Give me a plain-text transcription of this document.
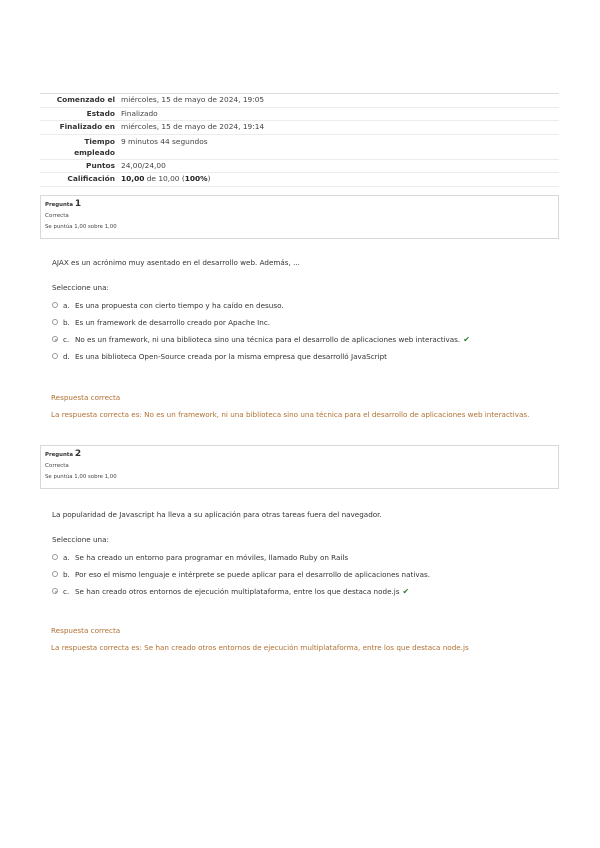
Comenzado el miércoles, 15 de mayo de 2024, 19:05
Estado Finalizado
Finalizado en miércoles, 15 de mayo de 2024, 19:14
Tiempo
empleado
9 minutos 44 segundos
Puntos 24,00/24,00
Calificación 10,00 de 10,00 (100%)
Pregunta 1
Correcta
Se puntúa 1,00 sobre 1,00
AJAX es un acrónimo muy asentado en el desarrollo web. Además, ...
Seleccione una:
a. Es una propuesta con cierto tiempo y ha caído en desuso.
b. Es un framework de desarrollo creado por Apache Inc.
c. No es un framework, ni una biblioteca sino una técnica para el desarrollo de aplicaciones web interactivas. ✔
d. Es una biblioteca Open-Source creada por la misma empresa que desarrolló JavaScript
Respuesta correcta
La respuesta correcta es: No es un framework, ni una biblioteca sino una técnica para el desarrollo de aplicaciones web interactivas.
Pregunta 2
Correcta
Se puntúa 1,00 sobre 1,00
La popularidad de Javascript ha lleva a su aplicación para otras tareas fuera del navegador.
Seleccione una:
a. Se ha creado un entorno para programar en móviles, llamado Ruby on Rails
b. Por eso el mismo lenguaje e intérprete se puede aplicar para el desarrollo de aplicaciones nativas.
c. Se han creado otros entornos de ejecución multiplataforma, entre los que destaca node.js ✔
Respuesta correcta
La respuesta correcta es: Se han creado otros entornos de ejecución multiplataforma, entre los que destaca node.js
